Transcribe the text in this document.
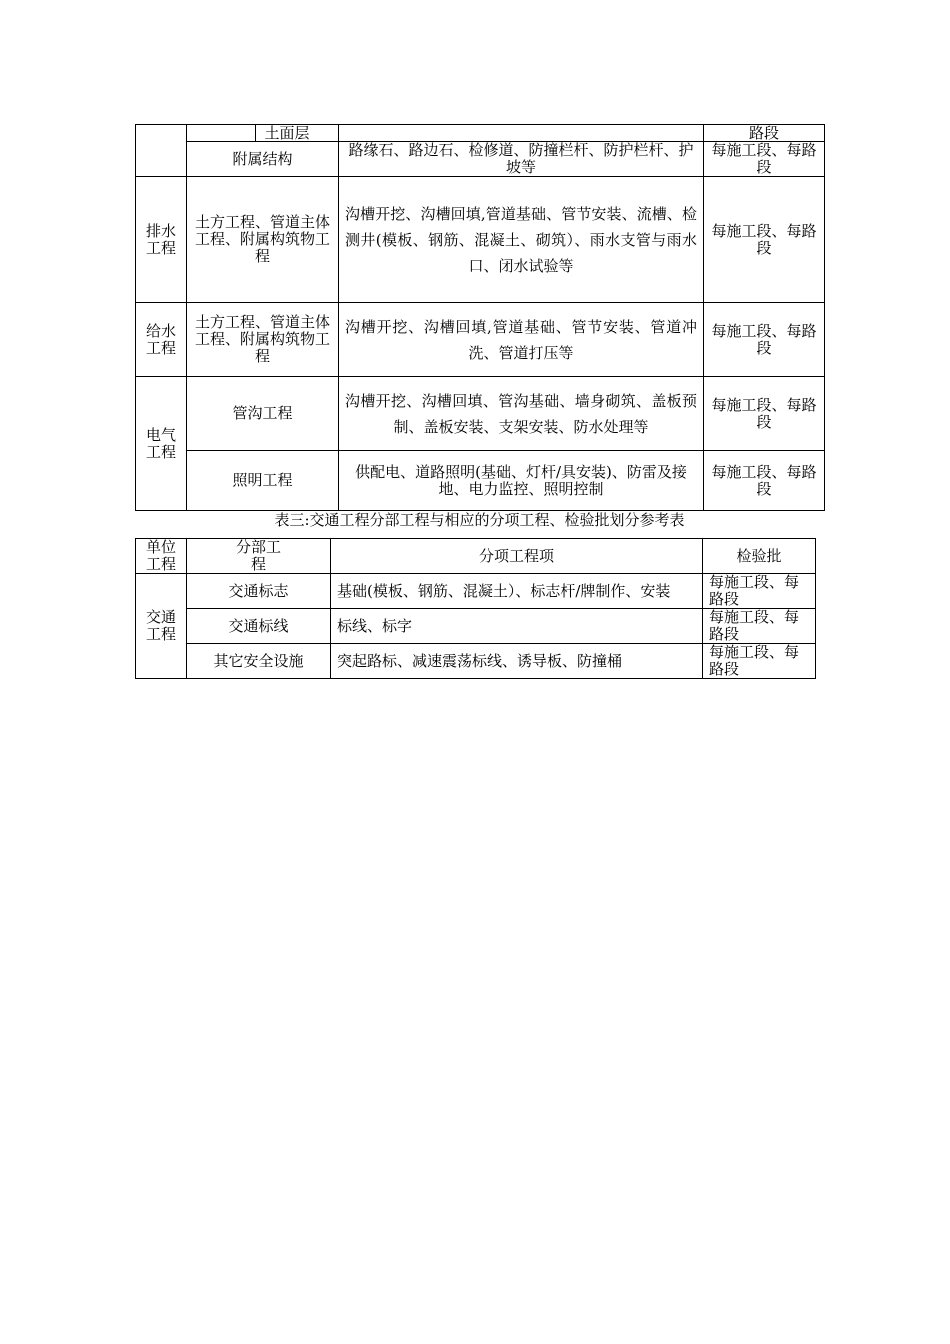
	土面层		路段
	附属结构	路缘石、路边石、检修道、防撞栏杆、防护栏杆、护坡等	每施工段、每路段
排水工程	土方工程、管道主体工程、附属构筑物工程	沟槽开挖、沟槽回填,管道基础、管节安装、流槽、检测井(模板、钢筋、混凝土、砌筑）、雨水支管与雨水口、闭水试验等	每施工段、每路段
给水工程	土方工程、管道主体工程、附属构筑物工程	沟槽开挖、沟槽回填,管道基础、管节安装、管道冲洗、管道打压等	每施工段、每路段
电气工程	管沟工程	沟槽开挖、沟槽回填、管沟基础、墙身砌筑、盖板预制、盖板安装、支架安装、防水处理等	每施工段、每路段
	照明工程	供配电、道路照明(基础、灯杆/具安装)、防雷及接地、电力监控、照明控制	每施工段、每路段
表三:交通工程分部工程与相应的分项工程、检验批划分参考表
单位工程	分部工程	分项工程项	检验批
交通工程	交通标志	基础(模板、钢筋、混凝土）、标志杆/牌制作、安装	每施工段、每路段
	交通标线	标线、标字	每施工段、每路段
	其它安全设施	突起路标、减速震荡标线、诱导板、防撞桶	每施工段、每路段
